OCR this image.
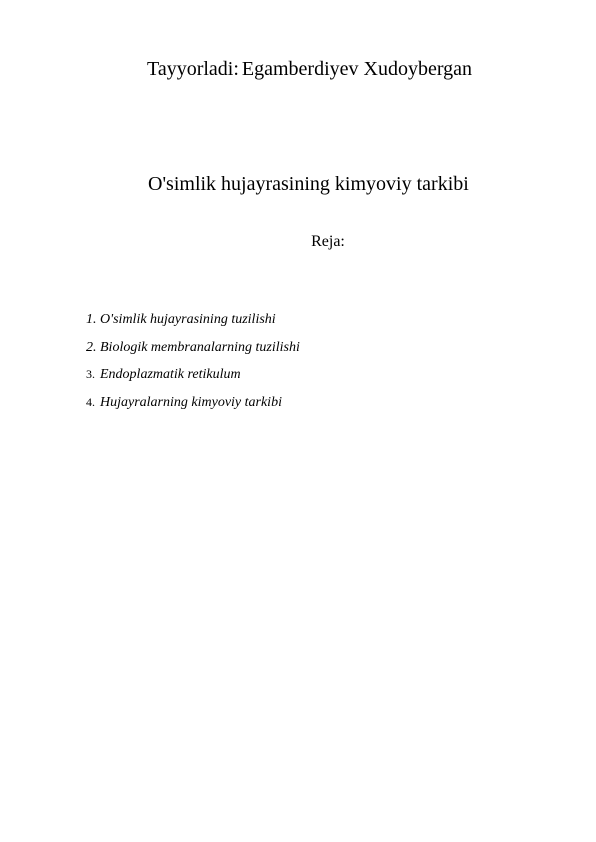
Tayyorladi: Egamberdiyev Xudoybergan
O'simlik hujayrasining kimyoviy tarkibi
Reja:
1. O'simlik hujayrasining tuzilishi
2. Biologik membranalarning tuzilishi
3. Endoplazmatik retikulum
4. Hujayralarning kimyoviy tarkibi
